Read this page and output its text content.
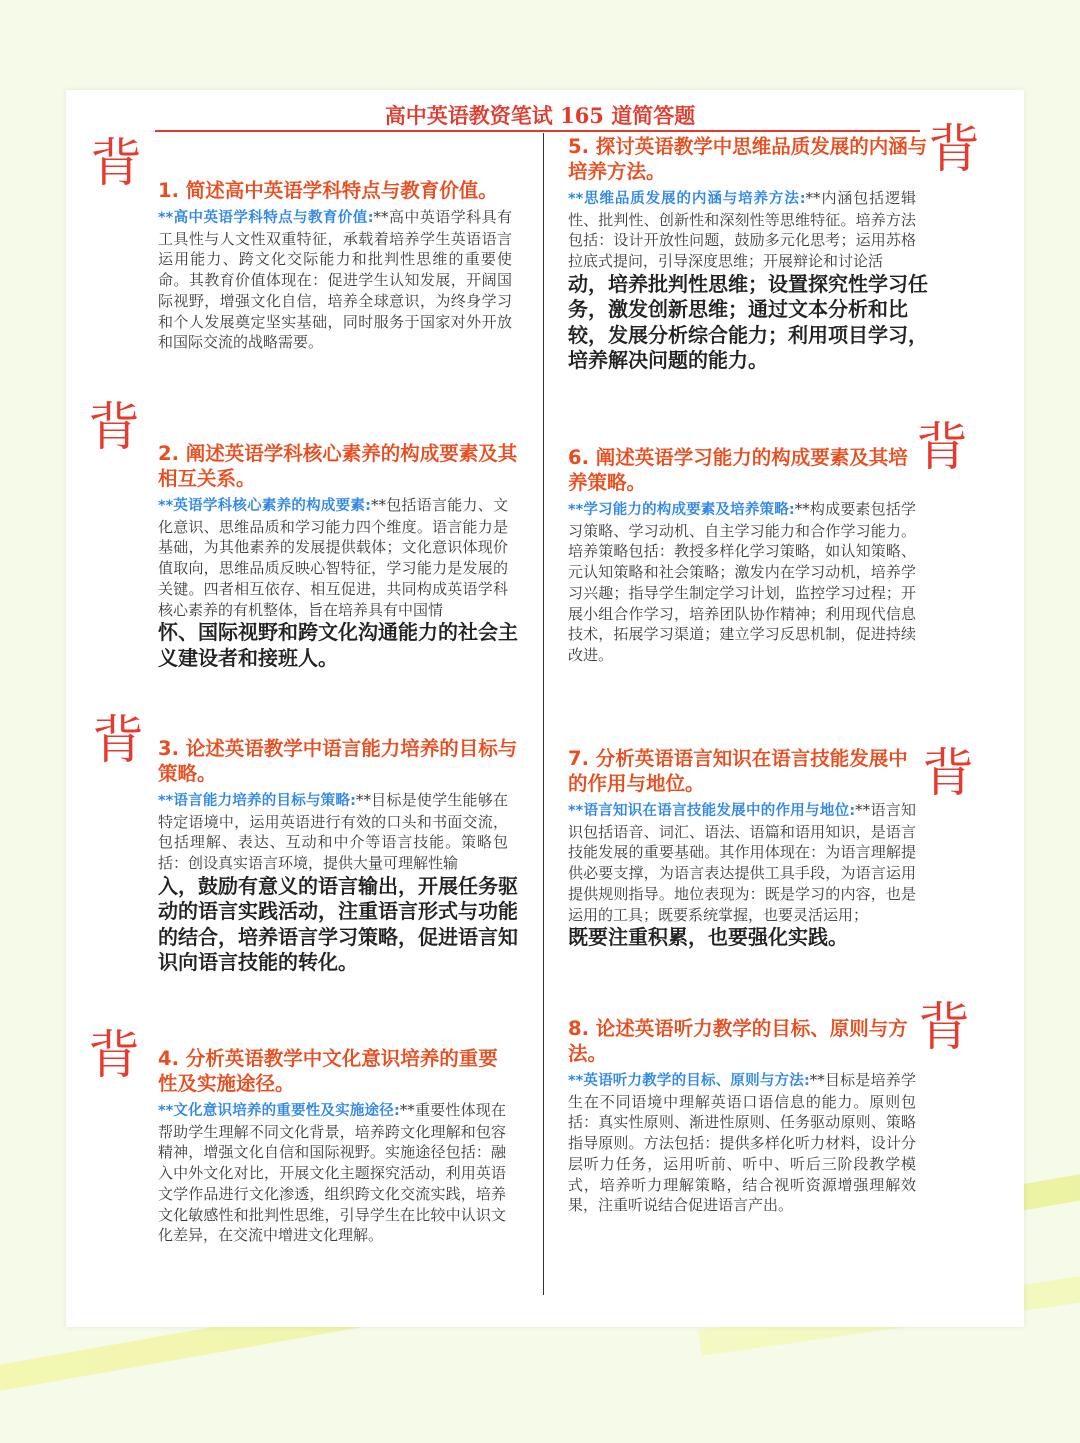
高中英语教资笔试 165 道简答题
背
背
背
背
背
背
背
背
1. 简述高中英语学科特点与教育价值。
**高中英语学科特点与教育价值:**高中英语学科具有工具性与人文性双重特征，承载着培养学生英语语言运用能力、跨文化交际能力和批判性思维的重要使命。其教育价值体现在：促进学生认知发展，开阔国际视野，增强文化自信，培养全球意识，为终身学习和个人发展奠定坚实基础，同时服务于国家对外开放和国际交流的战略需要。
2. 阐述英语学科核心素养的构成要素及其相互关系。
**英语学科核心素养的构成要素:**包括语言能力、文化意识、思维品质和学习能力四个维度。语言能力是基础，为其他素养的发展提供载体；文化意识体现价值取向，思维品质反映心智特征，学习能力是发展的关键。四者相互依存、相互促进，共同构成英语学科核心素养的有机整体，旨在培养具有中国情
怀、国际视野和跨文化沟通能力的社会主义建设者和接班人。
3. 论述英语教学中语言能力培养的目标与策略。
**语言能力培养的目标与策略:**目标是使学生能够在特定语境中，运用英语进行有效的口头和书面交流，包括理解、表达、互动和中介等语言技能。策略包括：创设真实语言环境，提供大量可理解性输
入，鼓励有意义的语言输出，开展任务驱动的语言实践活动，注重语言形式与功能的结合，培养语言学习策略，促进语言知识向语言技能的转化。
4. 分析英语教学中文化意识培养的重要性及实施途径。
**文化意识培养的重要性及实施途径:**重要性体现在帮助学生理解不同文化背景，培养跨文化理解和包容精神，增强文化自信和国际视野。实施途径包括：融入中外文化对比，开展文化主题探究活动，利用英语文学作品进行文化渗透，组织跨文化交流实践，培养文化敏感性和批判性思维，引导学生在比较中认识文化差异，在交流中增进文化理解。
5. 探讨英语教学中思维品质发展的内涵与培养方法。
**思维品质发展的内涵与培养方法:**内涵包括逻辑性、批判性、创新性和深刻性等思维特征。培养方法包括：设计开放性问题，鼓励多元化思考；运用苏格拉底式提问，引导深度思维；开展辩论和讨论活
动，培养批判性思维；设置探究性学习任务，激发创新思维；通过文本分析和比较，发展分析综合能力；利用项目学习，培养解决问题的能力。
6. 阐述英语学习能力的构成要素及其培养策略。
**学习能力的构成要素及培养策略:**构成要素包括学习策略、学习动机、自主学习能力和合作学习能力。培养策略包括：教授多样化学习策略，如认知策略、元认知策略和社会策略；激发内在学习动机，培养学习兴趣；指导学生制定学习计划，监控学习过程；开展小组合作学习，培养团队协作精神；利用现代信息技术，拓展学习渠道；建立学习反思机制，促进持续改进。
7. 分析英语语言知识在语言技能发展中的作用与地位。
**语言知识在语言技能发展中的作用与地位:**语言知识包括语音、词汇、语法、语篇和语用知识，是语言技能发展的重要基础。其作用体现在：为语言理解提供必要支撑，为语言表达提供工具手段，为语言运用提供规则指导。地位表现为：既是学习的内容，也是运用的工具；既要系统掌握，也要灵活运用；
既要注重积累，也要强化实践。
8. 论述英语听力教学的目标、原则与方法。
**英语听力教学的目标、原则与方法:**目标是培养学生在不同语境中理解英语口语信息的能力。原则包括：真实性原则、渐进性原则、任务驱动原则、策略指导原则。方法包括：提供多样化听力材料，设计分层听力任务，运用听前、听中、听后三阶段教学模式，培养听力理解策略，结合视听资源增强理解效果，注重听说结合促进语言产出。
